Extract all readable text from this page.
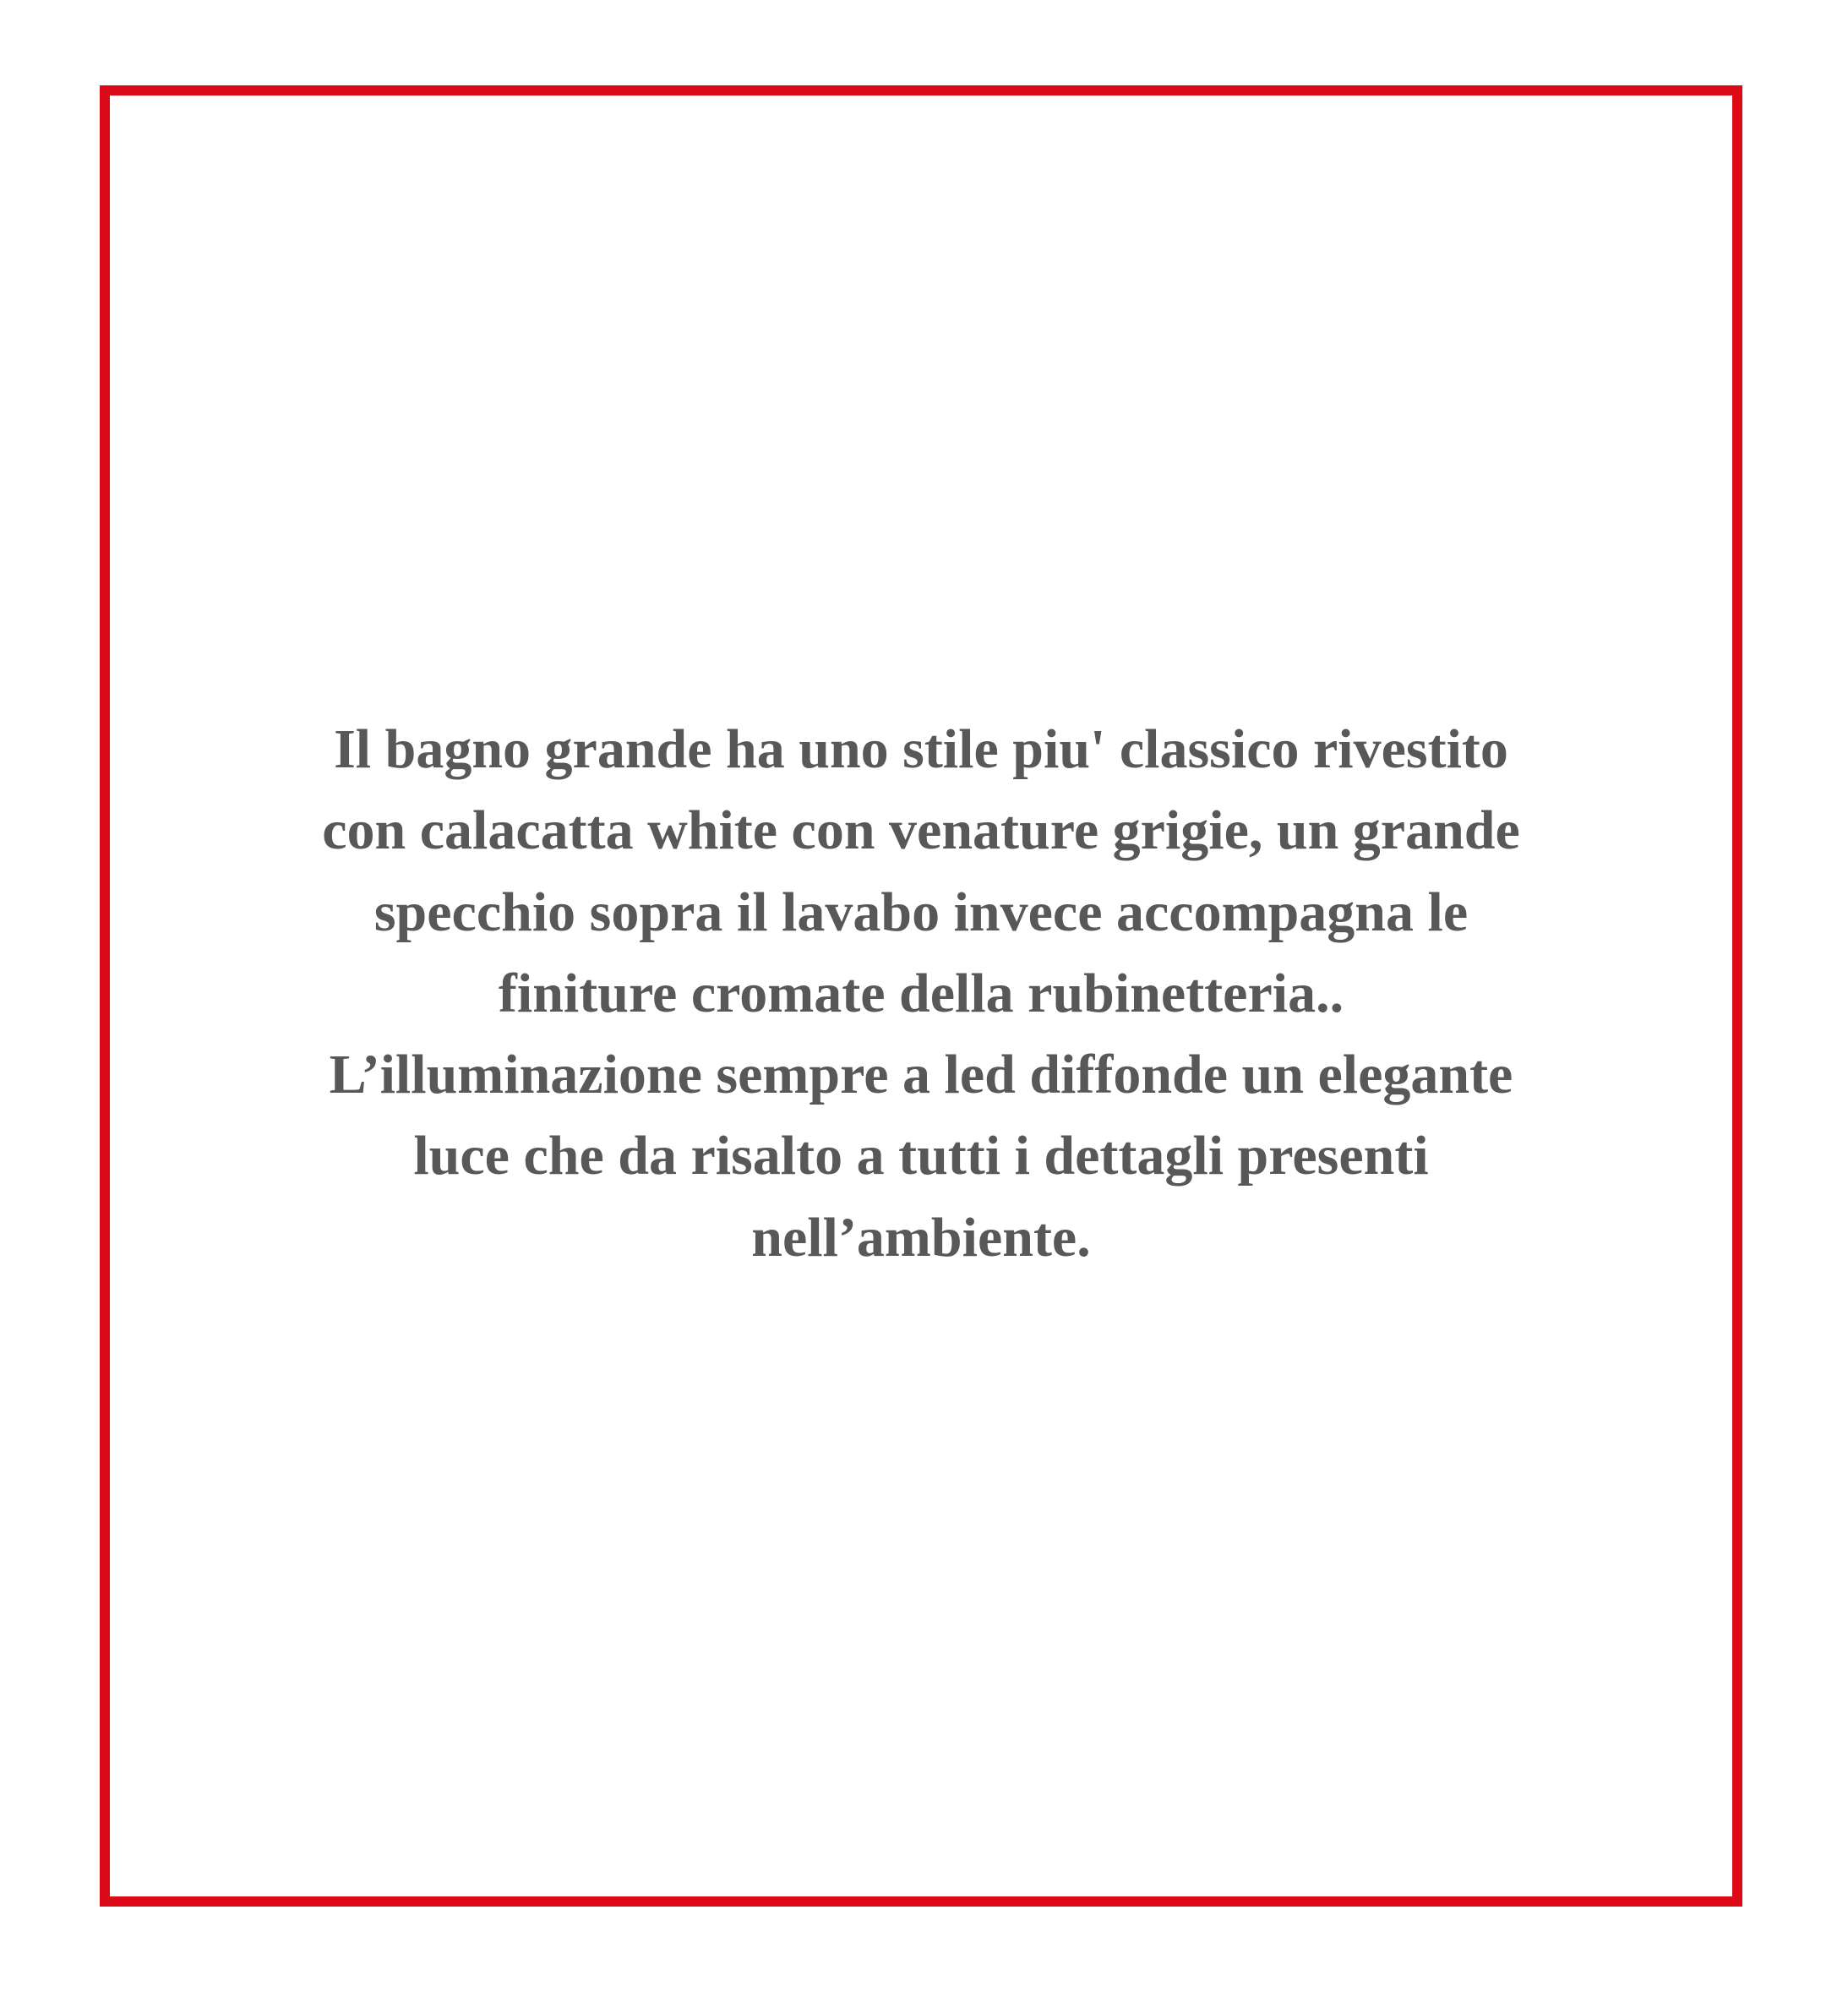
Il bagno grande ha uno stile piu' classico rivestito
con calacatta white con venature grigie, un grande
specchio sopra il lavabo invece accompagna le
finiture cromate della rubinetteria..
L’illuminazione sempre a led diffonde un elegante
luce che da risalto a tutti i dettagli presenti
nell’ambiente.
